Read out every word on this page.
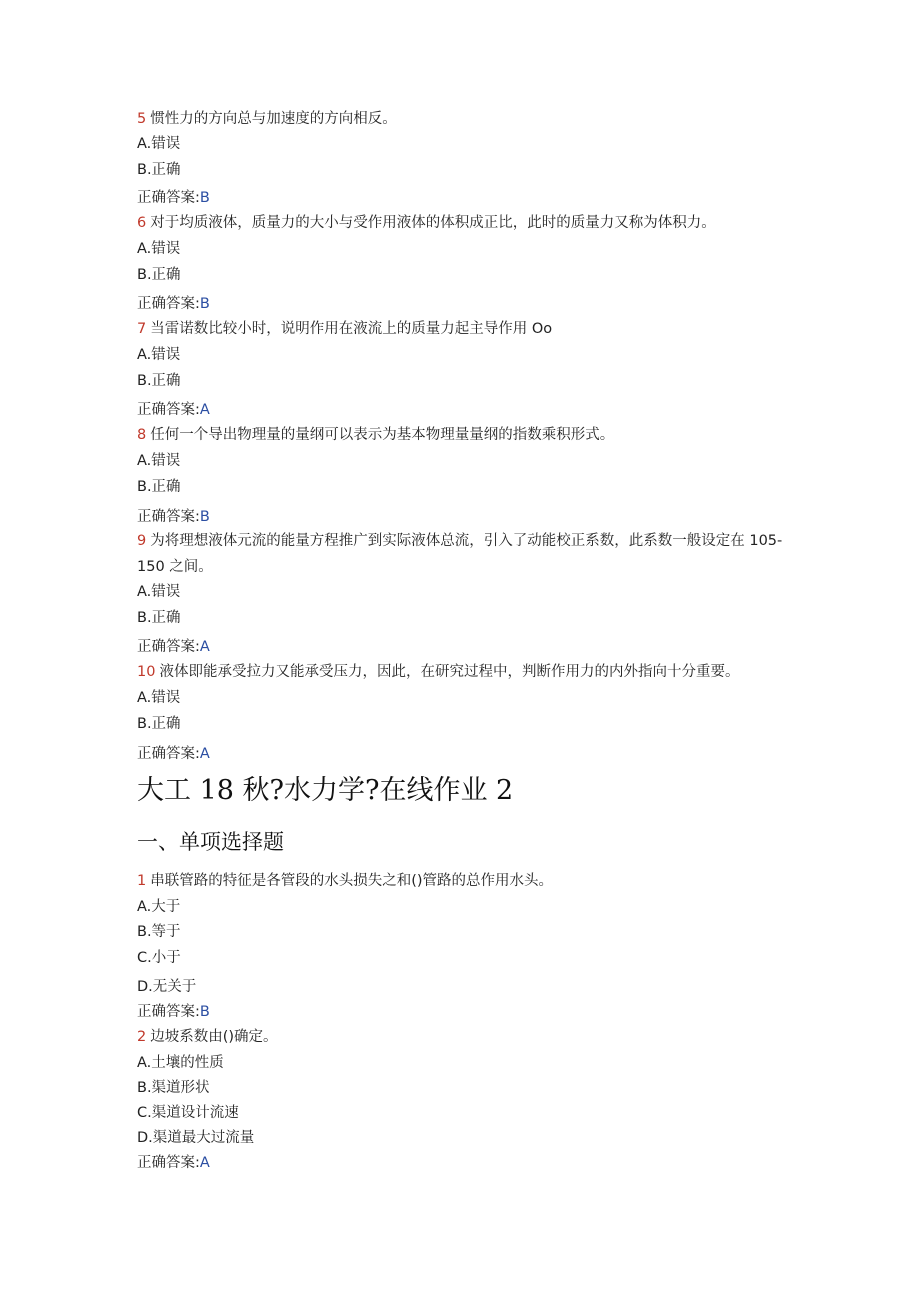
5 惯性力的方向总与加速度的方向相反。
A.错误
B.正确
正确答案:B
6 对于均质液体，质量力的大小与受作用液体的体积成正比，此时的质量力又称为体积力。
A.错误
B.正确
正确答案:B
7 当雷诺数比较小时，说明作用在液流上的质量力起主导作用 Oo
A.错误
B.正确
正确答案:A
8 任何一个导出物理量的量纲可以表示为基本物理量量纲的指数乘积形式。
A.错误
B.正确
正确答案:B
9 为将理想液体元流的能量方程推广到实际液体总流，引入了动能校正系数，此系数一般设定在 105-150 之间。
A.错误
B.正确
正确答案:A
10 液体即能承受拉力又能承受压力，因此，在研究过程中，判断作用力的内外指向十分重要。
A.错误
B.正确
正确答案:A
大工 18 秋?水力学?在线作业 2
一、单项选择题
1 串联管路的特征是各管段的水头损失之和()管路的总作用水头。
A.大于
B.等于
C.小于
D.无关于
正确答案:B
2 边坡系数由()确定。
A.土壤的性质
B.渠道形状
C.渠道设计流速
D.渠道最大过流量
正确答案:A
